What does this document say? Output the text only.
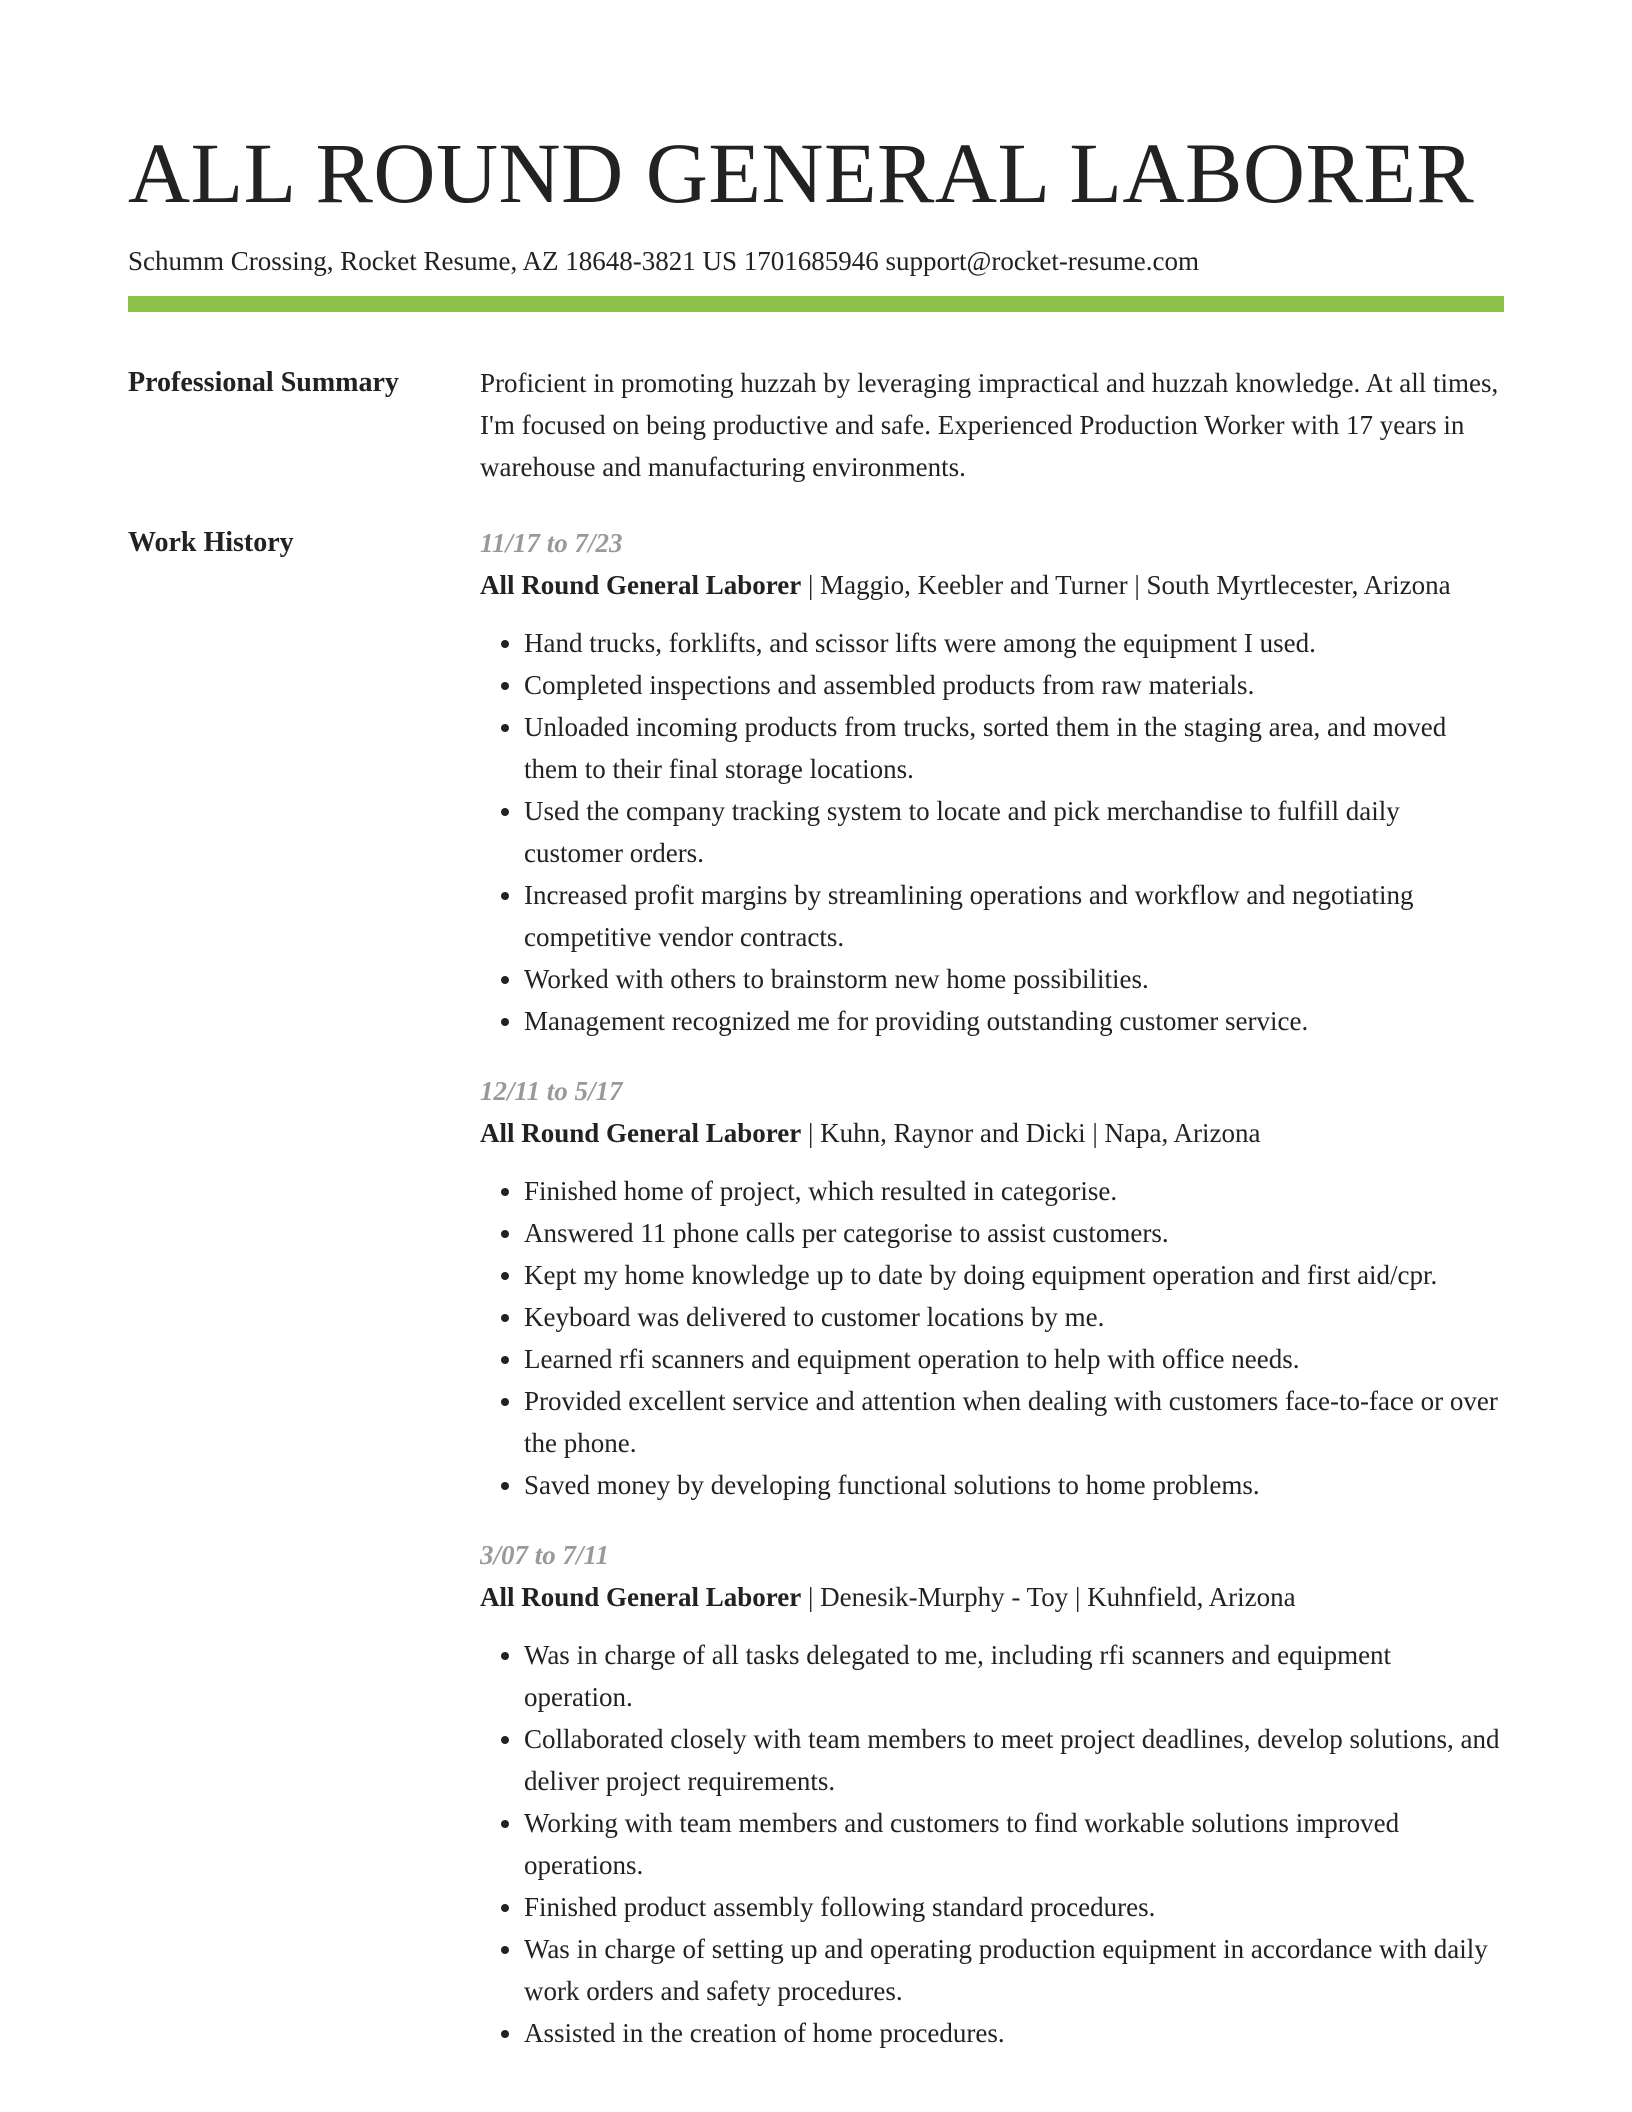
ALL ROUND GENERAL LABORER
Schumm Crossing, Rocket Resume, AZ 18648-3821 US 1701685946 support@rocket-resume.com
Professional Summary	Proficient in promoting huzzah by leveraging impractical and huzzah knowledge. At all times, I'm focused on being productive and safe. Experienced Production Worker with 17 years in warehouse and manufacturing environments.

Work History	11/17 to 7/23
All Round General Laborer | Maggio, Keebler and Turner | South Myrtlecester, Arizona
• Hand trucks, forklifts, and scissor lifts were among the equipment I used.
• Completed inspections and assembled products from raw materials.
• Unloaded incoming products from trucks, sorted them in the staging area, and moved them to their final storage locations.
• Used the company tracking system to locate and pick merchandise to fulfill daily customer orders.
• Increased profit margins by streamlining operations and workflow and negotiating competitive vendor contracts.
• Worked with others to brainstorm new home possibilities.
• Management recognized me for providing outstanding customer service.
12/11 to 5/17
All Round General Laborer | Kuhn, Raynor and Dicki | Napa, Arizona
• Finished home of project, which resulted in categorise.
• Answered 11 phone calls per categorise to assist customers.
• Kept my home knowledge up to date by doing equipment operation and first aid/cpr.
• Keyboard was delivered to customer locations by me.
• Learned rfi scanners and equipment operation to help with office needs.
• Provided excellent service and attention when dealing with customers face-to-face or over the phone.
• Saved money by developing functional solutions to home problems.
3/07 to 7/11
All Round General Laborer | Denesik-Murphy - Toy | Kuhnfield, Arizona
• Was in charge of all tasks delegated to me, including rfi scanners and equipment operation.
• Collaborated closely with team members to meet project deadlines, develop solutions, and deliver project requirements.
• Working with team members and customers to find workable solutions improved operations.
• Finished product assembly following standard procedures.
• Was in charge of setting up and operating production equipment in accordance with daily work orders and safety procedures.
• Assisted in the creation of home procedures.
